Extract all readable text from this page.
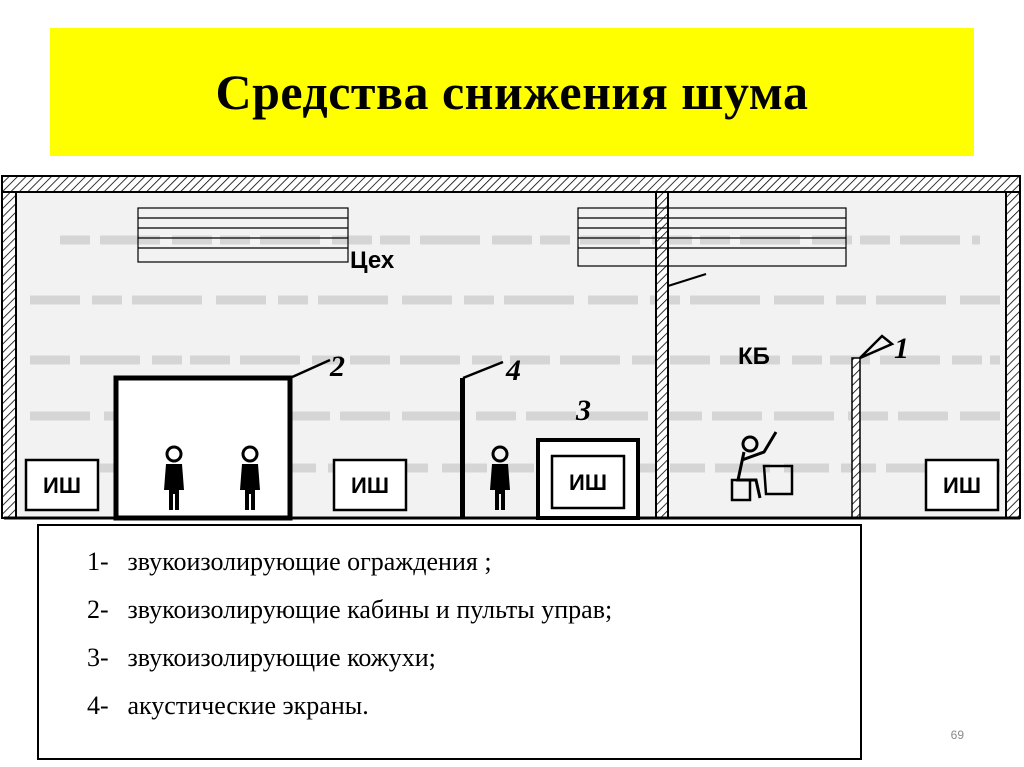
Средства снижения шума
Цех
КБ
2	4
3
1
ИШ	ИШ	ИШ	ИШ
1- звукоизолирующие ограждения ;
2- звукоизолирующие кабины и пульты управ;
3- звукоизолирующие кожухи;
4- акустические экраны.
69
